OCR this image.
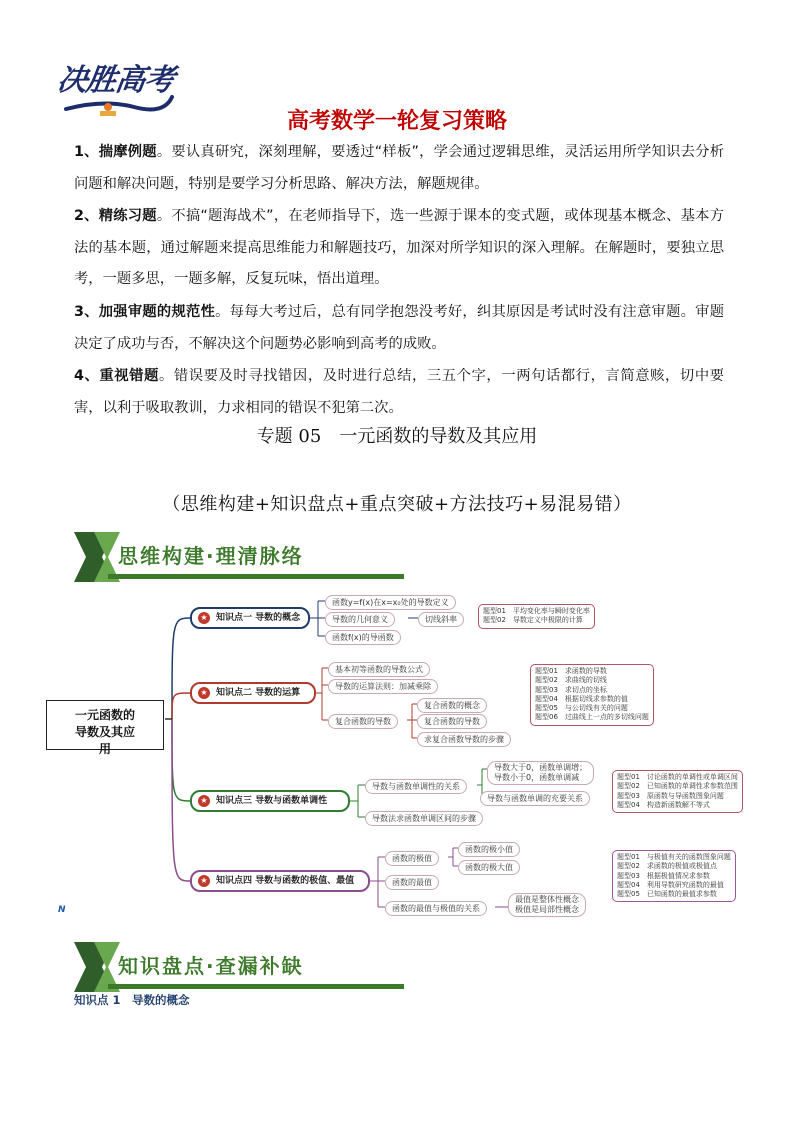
决胜高考
高考数学一轮复习策略
1、揣摩例题。要认真研究，深刻理解，要透过“样板”，学会通过逻辑思维，灵活运用所学知识去分析问题和解决问题，特别是要学习分析思路、解决方法，解题规律。
2、精练习题。不搞“题海战术”，在老师指导下，选一些源于课本的变式题，或体现基本概念、基本方法的基本题，通过解题来提高思维能力和解题技巧，加深对所学知识的深入理解。在解题时，要独立思考，一题多思，一题多解，反复玩味，悟出道理。
3、加强审题的规范性。每每大考过后，总有同学抱怨没考好，纠其原因是考试时没有注意审题。审题决定了成功与否，不解决这个问题势必影响到高考的成败。
4、重视错题。错误要及时寻找错因，及时进行总结，三五个字，一两句话都行，言简意赅，切中要害，以利于吸取教训，力求相同的错误不犯第二次。
专题 05　一元函数的导数及其应用
（思维构建+知识盘点+重点突破+方法技巧+易混易错）
思维构建·理清脉络
一元函数的导数及其应用
★ 知识点一 导数的概念
函数y=f(x)在x=x₀处的导数定义
导数的几何意义
函数f(x)的导函数
切线斜率
题型01　平均变化率与瞬时变化率
题型02　导数定义中极限的计算
★ 知识点二 导数的运算
基本初等函数的导数公式
导数的运算法则：加减乘除
复合函数的导数
复合函数的概念
复合函数的导数
求复合函数导数的步骤
题型01　求函数的导数
题型02　求曲线的切线
题型03　求切点的坐标
题型04　根据切线求参数的值
题型05　与公切线有关的问题
题型06　过曲线上一点的多切线问题
★ 知识点三 导数与函数单调性
导数与函数单调性的关系
导数法求函数单调区间的步骤
导数大于0，函数单调增；
导数小于0，函数单调减
导数与函数单调的充要关系
题型01　讨论函数的单调性或单调区间
题型02　已知函数的单调性求参数范围
题型03　原函数与导函数图象问题
题型04　构造新函数解不等式
★ 知识点四 导数与函数的极值、最值
函数的极值
函数的最值
函数的最值与极值的关系
函数的极小值
函数的极大值
最值是整体性概念
极值是局部性概念
题型01　与极值有关的函数图象问题
题型02　求函数的极值或极值点
题型03　根据极值情况求参数
题型04　利用导数研究函数的最值
题型05　已知函数的最值求参数
N
知识盘点·查漏补缺
知识点 1　导数的概念
